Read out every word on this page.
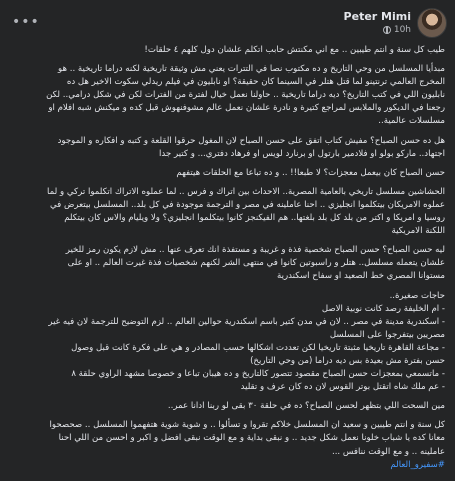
•••	Peter Mimi
10h

طيب كل سنة و انتم طيبين .. مع اني مكنتش حابب اتكلم علشان دول كلهم ٤ حلقات!

مبدأيا المسلسل من وحي التاريخ و ده مكتوب نصا في التترات يعني مش وثيقة تاريخية لكنه دراما تاريخية .. هو
المخرج العالمي ترنتينو لما قتل هتلر في السينما كان حقيقة؟ او نابليون في فيلم ريدلي سكوت الاخير هل ده
نابليون اللي في كتب التاريخ؟ ديه دراما تاريخية .. حاولنا نعمل خيال لفترة من الفترات لكن في شكل درامي.. لكن
رجعنا في الديكور والملابس لمراجع كتيرة و نادرة علشان نعمل عالم مشوفنهوش قبل كده و ميكنش شبه افلام او
مسلسلات عالمية..

هل ده حسن الصباح؟ مفيش كتاب اتفق على حسن الصباح لان المغول حرقوا القلعة و كتبه و افكاره و الموجود
اجتهاد.. ماركو بولو او فلادمير بارتول او برنارد لويس او فرهاد دفتري... و كتير جدا

حسن الصباح كان بيعمل معجزات؟ لا طبعا!! .. و ده تباعا مع الحلقات هيتفهم

الحشاشين مسلسل تاريخي بالعامية المصرية.. الاحداث بين اتراك و فرس .. لما عملوه الاتراك اتكلموا تركي و لما
عملوه الامريكان بيتكلموا انجليزي .. احنا عاملينه في مصر و الترجمة موجودة في كل بلد.. المسلسل بيتعرض في
روسيا و امريكا و اكتر من بلد كل بلد بلغتها.. هم الفيكنجز كانوا بيتكلموا انجليزي؟ ولا ويليام والاس كان بيتكلم
اللكنة الامريكية

ليه حسن الصباح؟ حسن الصباح شخصية فذة و غريبة و مستفذة انك تعرف عنها .. مش لازم يكون رمز للخير
علشان يتعمله مسلسل.. هتلر و راسبوتين كانوا في منتهى الشر لكنهم شخصيات فذة غيرت العالم .. او على
مستوانا المصري خط الصعيد او سفاح اسكندرية

حاجات صغيرة..
- ام الخليفة رصد كانت نوبية الاصل
- اسكندرية مدينة في مصر .. لان في مدن كتير باسم اسكندرية حوالين العالم .. لزم التوضيح للترجمة لان فيه غير
مصريين بيتفرجوا على المسلسل
- مجاعة القاهرة تاريخيا مثبتة تاريخيا لكن تعددت اشكالها حسب المصادر و هي على فكرة كانت قبل وصول
حسن بفترة مش بعيدة بس ديه دراما (من وحي التاريخ)
- ماتسمعي بمعجزات حسن الصباح مقصود تتصور كالتاريخ و ده هيبان تباعا و خصوصا مشهد الراوي حلقة ٨
- عم ملك شاه اتقتل بوتر القوس لان ده كان عرف و تقليد

مين السحت اللي بتظهر لحسن الصباح؟ ده في حلقة ٣٠ بقى لو ربنا ادانا عمر..

كل سنة و انتم طيبين و سعيد ان المسلسل خلاكم تقروا و تسألوا .. و شوية شوية هتفهموا المسلسل .. صحصحوا
معانا كده يا شباب خلونا نعمل شكل جديد .. و نبقى بداية و مع الوقت نبقى افضل و اكبر و احسن من اللي احنا
عاملينه .. و مع الوقت ننافس ...

#سفيرو_العالم
